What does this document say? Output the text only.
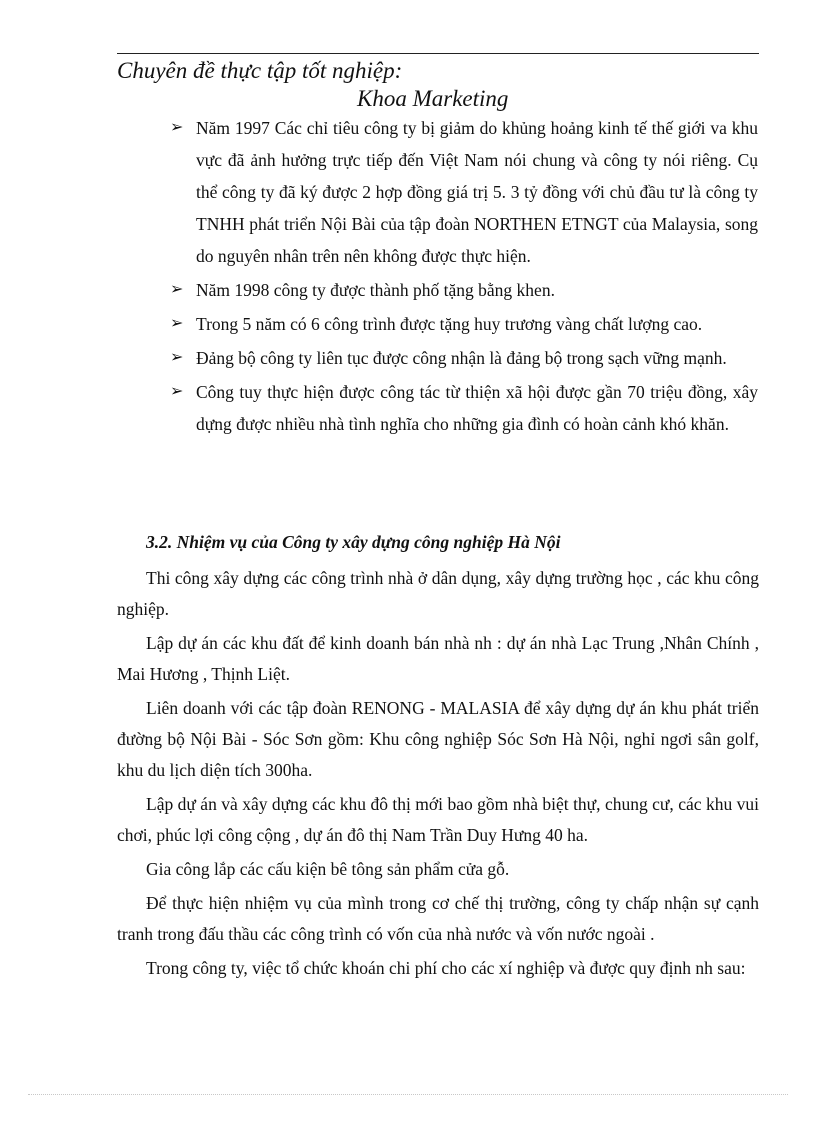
Chuyên đề thực tập tốt nghiệp:
Khoa Marketing
➢ Năm 1997 Các chỉ tiêu công ty bị giảm do khủng hoảng kinh tế thế giới va khu vực đã ảnh hưởng trực tiếp đến Việt Nam nói chung và công ty nói riêng. Cụ thể công ty đã ký được 2 hợp đồng giá trị 5. 3 tỷ đồng với chủ đầu tư là công ty TNHH phát triển Nội Bài của tập đoàn NORTHEN ETNGT của Malaysia, song do nguyên nhân trên nên không được thực hiện.
➢ Năm 1998 công ty được thành phố tặng bằng khen.
➢ Trong 5 năm có 6 công trình được tặng huy trương vàng chất lượng cao.
➢ Đảng bộ công ty liên tục được công nhận là đảng bộ trong sạch vững mạnh.
➢ Công tuy thực hiện được công tác từ thiện xã hội được gần 70 triệu đồng, xây dựng được nhiều nhà tình nghĩa cho những gia đình có hoàn cảnh khó khăn.
3.2. Nhiệm vụ của Công ty xây dựng công nghiệp Hà Nội

Thi công xây dựng các công trình nhà ở dân dụng, xây dựng trường học , các khu công nghiệp.

Lập dự án các khu đất để kinh doanh bán nhà nh : dự án nhà Lạc Trung ,Nhân Chính , Mai Hương , Thịnh Liệt.

Liên doanh với các tập đoàn RENONG - MALASIA để xây dựng dự án khu phát triển đường bộ Nội Bài - Sóc Sơn gồm: Khu công nghiệp Sóc Sơn Hà Nội, nghỉ ngơi sân golf, khu du lịch diện tích 300ha.

Lập dự án và xây dựng các khu đô thị mới bao gồm nhà biệt thự, chung cư, các khu vui chơi, phúc lợi công cộng , dự án đô thị Nam Trần Duy Hưng 40 ha.

Gia công lắp các cấu kiện bê tông sản phẩm cửa gỗ.

Để thực hiện nhiệm vụ của mình trong cơ chế thị trường, công ty chấp nhận sự cạnh tranh trong đấu thầu các công trình có vốn của nhà nước và vốn nước ngoài .

Trong công ty, việc tổ chức khoán chi phí cho các xí nghiệp và được quy định nh sau:
